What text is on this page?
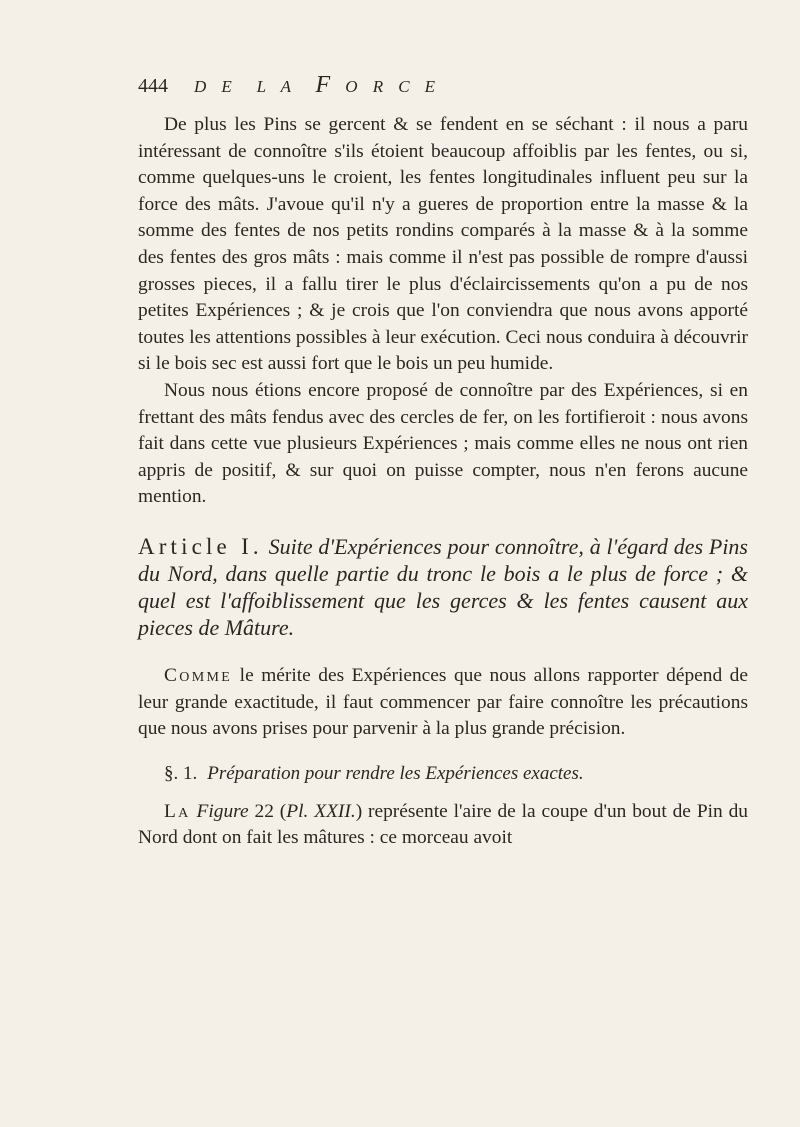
444 D E  L A F O R C E

De plus les Pins se gercent & se fendent en se séchant : il nous a paru intéressant de connoître s'ils étoient beaucoup affoiblis par les fentes, ou si, comme quelques-uns le croient, les fentes longitudinales influent peu sur la force des mâts. J'avoue qu'il n'y a gueres de proportion entre la masse & la somme des fentes de nos petits rondins comparés à la masse & à la somme des fentes des gros mâts : mais comme il n'est pas possible de rompre d'aussi grosses pieces, il a fallu tirer le plus d'éclaircissements qu'on a pu de nos petites Expériences ; & je crois que l'on conviendra que nous avons apporté toutes les attentions possibles à leur exécution. Ceci nous conduira à découvrir si le bois sec est aussi fort que le bois un peu humide.

Nous nous étions encore proposé de connoître par des Expériences, si en frettant des mâts fendus avec des cercles de fer, on les fortifieroit : nous avons fait dans cette vue plusieurs Expériences ; mais comme elles ne nous ont rien appris de positif, & sur quoi on puisse compter, nous n'en ferons aucune mention.

Article I. Suite d'Expériences pour connoître, à l'égard des Pins du Nord, dans quelle partie du tronc le bois a le plus de force ; & quel est l'affoiblissement que les gerces & les fentes causent aux pieces de Mâture.

Comme le mérite des Expériences que nous allons rapporter dépend de leur grande exactitude, il faut commencer par faire connoître les précautions que nous avons prises pour parvenir à la plus grande précision.

§. 1. Préparation pour rendre les Expériences exactes.

La Figure 22 (Pl. XXII.) représente l'aire de la coupe d'un bout de Pin du Nord dont on fait les mâtures : ce morceau avoit
